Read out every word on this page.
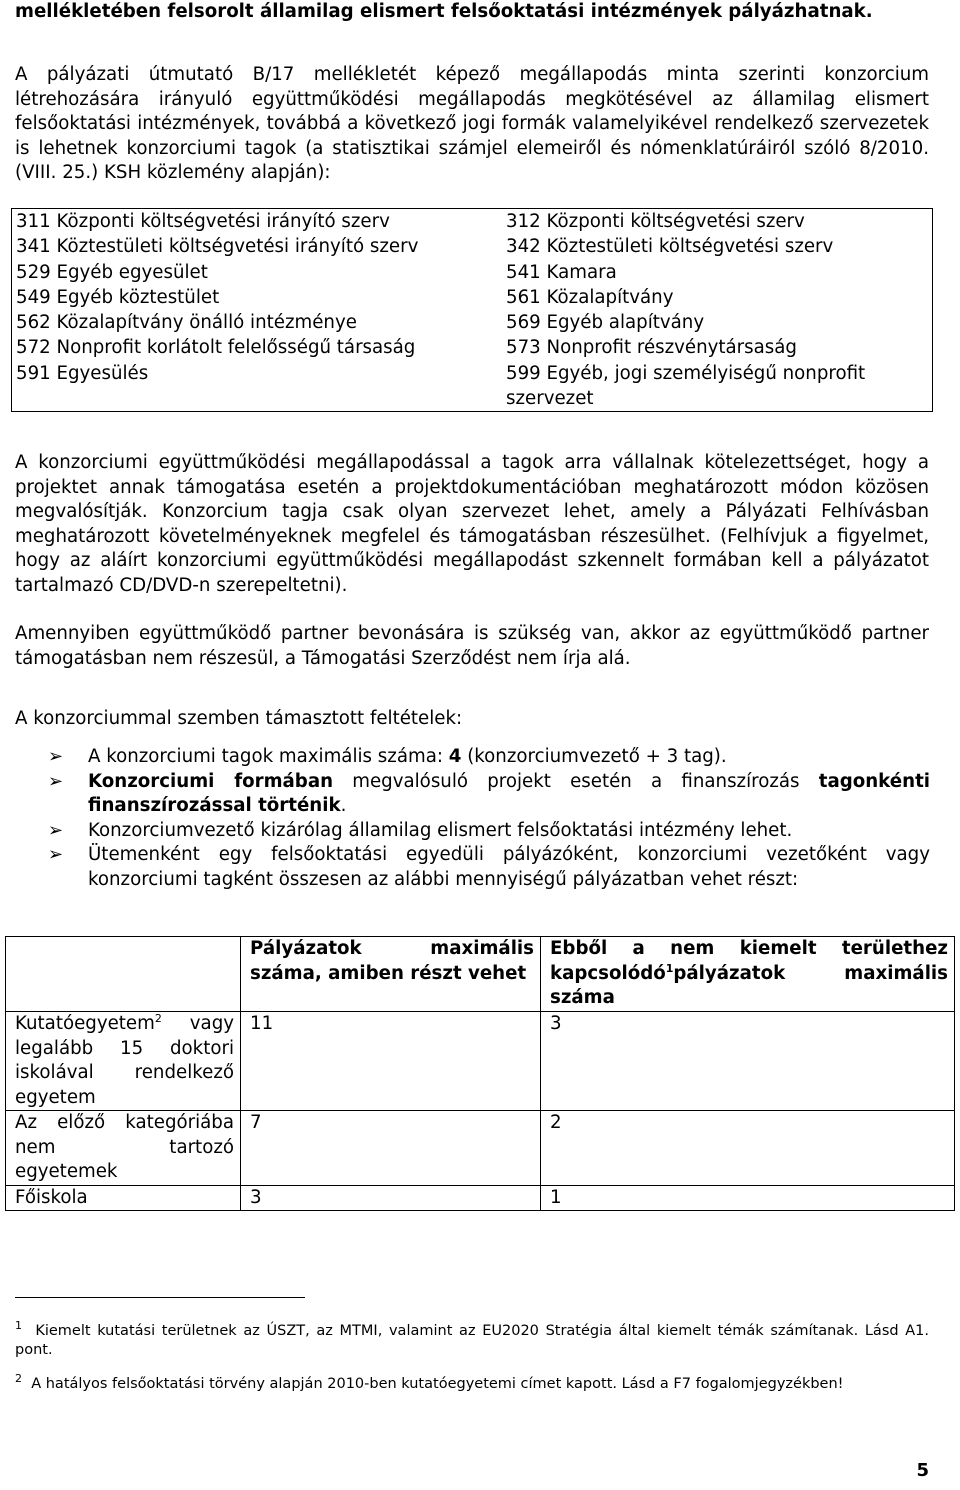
mellékletében felsorolt államilag elismert felsőoktatási intézmények pályázhatnak.

A pályázati útmutató B/17 mellékletét képező megállapodás minta szerinti konzorcium létrehozására irányuló együttműködési megállapodás megkötésével az államilag elismert felsőoktatási intézmények, továbbá a következő jogi formák valamelyikével rendelkező szervezetek is lehetnek konzorciumi tagok (a statisztikai számjel elemeiről és nómenklatúráiról szóló 8/2010.(VIII. 25.) KSH közlemény alapján):

311 Központi költségvetési irányító szerv	312 Központi költségvetési szerv
341 Köztestületi költségvetési irányító szerv	342 Köztestületi költségvetési szerv
529 Egyéb egyesület	541 Kamara
549 Egyéb köztestület	561 Közalapítvány
562 Közalapítvány önálló intézménye	569 Egyéb alapítvány
572 Nonprofit korlátolt felelősségű társaság	573 Nonprofit részvénytársaság
591 Egyesülés	599 Egyéb, jogi személyiségű nonprofit szervezet

A konzorciumi együttműködési megállapodással a tagok arra vállalnak kötelezettséget, hogy a projektet annak támogatása esetén a projektdokumentációban meghatározott módon közösen megvalósítják. Konzorcium tagja csak olyan szervezet lehet, amely a Pályázati Felhívásban meghatározott követelményeknek megfelel és támogatásban részesülhet. (Felhívjuk a figyelmet, hogy az aláírt konzorciumi együttműködési megállapodást szkennelt formában kell a pályázatot tartalmazó CD/DVD-n szerepeltetni).

Amennyiben együttműködő partner bevonására is szükség van, akkor az együttműködő partner támogatásban nem részesül, a Támogatási Szerződést nem írja alá.

A konzorciummal szemben támasztott feltételek:

➢ A konzorciumi tagok maximális száma: 4 (konzorciumvezető + 3 tag).
➢ Konzorciumi formában megvalósuló projekt esetén a finanszírozás tagonkénti finanszírozással történik.
➢ Konzorciumvezető kizárólag államilag elismert felsőoktatási intézmény lehet.
➢ Ütemenként egy felsőoktatási egyedüli pályázóként, konzorciumi vezetőként vagy konzorciumi tagként összesen az alábbi mennyiségű pályázatban vehet részt:
	Pályázatok maximális száma, amiben részt vehet	Ebből a nem kiemelt területhez kapcsolódó$^1$pályázatok maximális száma
Kutatóegyetem$^2$ vagy legalább 15 doktori iskolával rendelkező egyetem	11	3
Az előző kategóriába nem tartozó egyetemek	7	2
Főiskola	3	1

$^1$ Kiemelt kutatási területnek az ÚSZT, az MTMI, valamint az EU2020 Stratégia által kiemelt témák számítanak. Lásd A1. pont.

$^2$ A hatályos felsőoktatási törvény alapján 2010-ben kutatóegyetemi címet kapott. Lásd a F7 fogalomjegyzékben!

5
